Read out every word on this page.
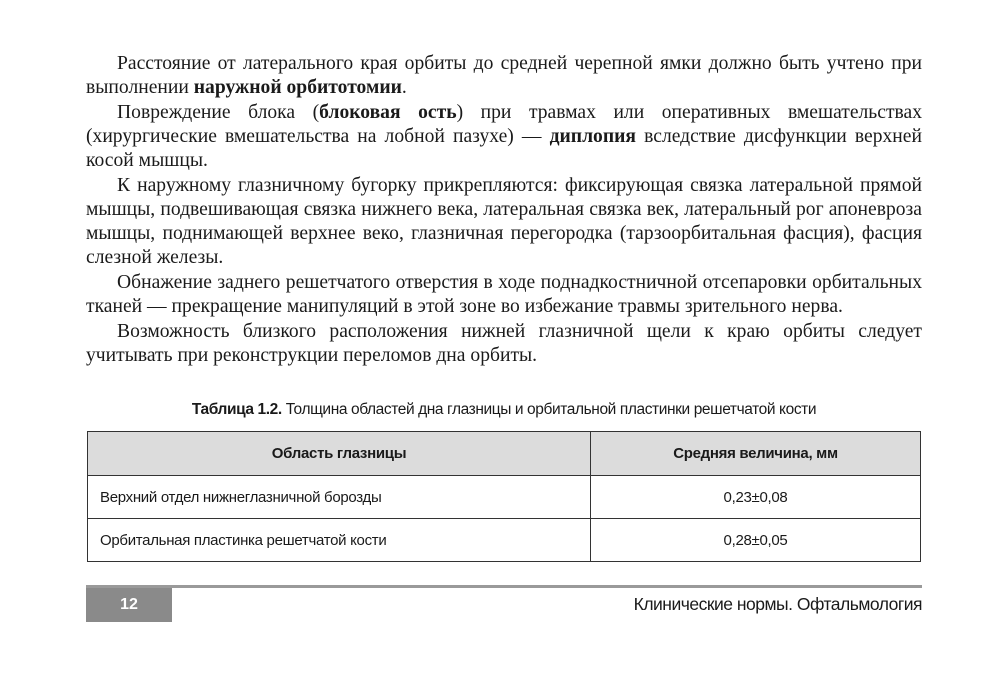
Расстояние от латерального края орбиты до средней черепной ямки должно быть учтено при выполнении наружной орбитотомии.

Повреждение блока (блоковая ость) при травмах или оперативных вмешательствах (хирургические вмешательства на лобной пазухе) — диплопия вследствие дисфункции верхней косой мышцы.

К наружному глазничному бугорку прикрепляются: фиксирующая связка латеральной прямой мышцы, подвешивающая связка нижнего века, латеральная связка век, латеральный рог апоневроза мышцы, поднимающей верхнее веко, глазничная перегородка (тарзоорбитальная фасция), фасция слезной железы.

Обнажение заднего решетчатого отверстия в ходе поднадкостничной отсепаровки орбитальных тканей — прекращение манипуляций в этой зоне во избежание травмы зрительного нерва.

Возможность близкого расположения нижней глазничной щели к краю орбиты следует учитывать при реконструкции переломов дна орбиты.

Таблица 1.2. Толщина областей дна глазницы и орбитальной пластинки решетчатой кости
Область глазницы	Средняя величина, мм
Верхний отдел нижнеглазничной борозды	0,23±0,08
Орбитальная пластинка решетчатой кости	0,28±0,05
12	Клинические нормы. Офтальмология
